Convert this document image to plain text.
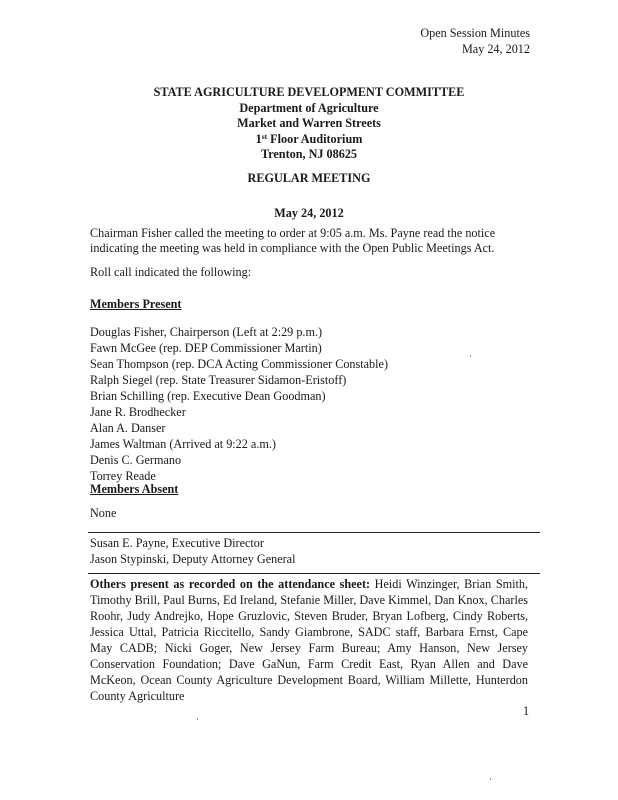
Open Session Minutes
May 24, 2012
STATE AGRICULTURE DEVELOPMENT COMMITTEE
Department of Agriculture
Market and Warren Streets
1st Floor Auditorium
Trenton, NJ 08625
REGULAR MEETING
May 24, 2012
Chairman Fisher called the meeting to order at 9:05 a.m. Ms. Payne read the notice indicating the meeting was held in compliance with the Open Public Meetings Act.
Roll call indicated the following:
Members Present
Douglas Fisher, Chairperson (Left at 2:29 p.m.)
Fawn McGee (rep. DEP Commissioner Martin)
Sean Thompson (rep. DCA Acting Commissioner Constable)
Ralph Siegel (rep. State Treasurer Sidamon-Eristoff)
Brian Schilling (rep. Executive Dean Goodman)
Jane R. Brodhecker
Alan A. Danser
James Waltman (Arrived at 9:22 a.m.)
Denis C. Germano
Torrey Reade
Members Absent
None
Susan E. Payne, Executive Director
Jason Stypinski, Deputy Attorney General
Others present as recorded on the attendance sheet: Heidi Winzinger, Brian Smith, Timothy Brill, Paul Burns, Ed Ireland, Stefanie Miller, Dave Kimmel, Dan Knox, Charles Roohr, Judy Andrejko, Hope Gruzlovic, Steven Bruder, Bryan Lofberg, Cindy Roberts, Jessica Uttal, Patricia Riccitello, Sandy Giambrone, SADC staff, Barbara Ernst, Cape May CADB; Nicki Goger, New Jersey Farm Bureau; Amy Hanson, New Jersey Conservation Foundation; Dave GaNun, Farm Credit East, Ryan Allen and Dave McKeon, Ocean County Agriculture Development Board, William Millette, Hunterdon County Agriculture
1
